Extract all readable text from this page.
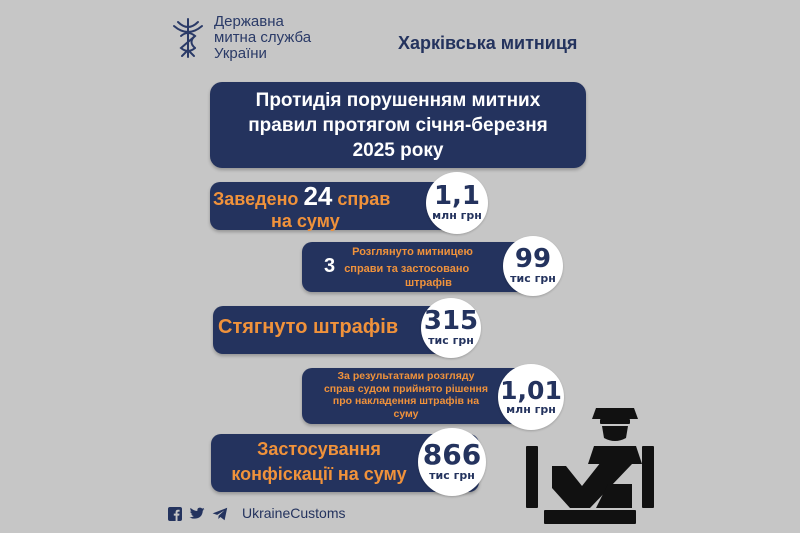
Державна
митна служба
України
Харківська митниця
Протидія порушенням митних
правил протягом січня-березня
2025 року
Заведено 24 справ
на суму
1,1
млн грн
Розглянуто митницею
3 справи та застосовано
штрафів
99
тис грн
Стягнуто штрафів 315
тис грн
За результатами розгляду
справ судом прийнято рішення
про накладення штрафів на
суму
1,01
млн грн
Застосування
конфіскації на суму
866
тис грн
UkraineCustoms
